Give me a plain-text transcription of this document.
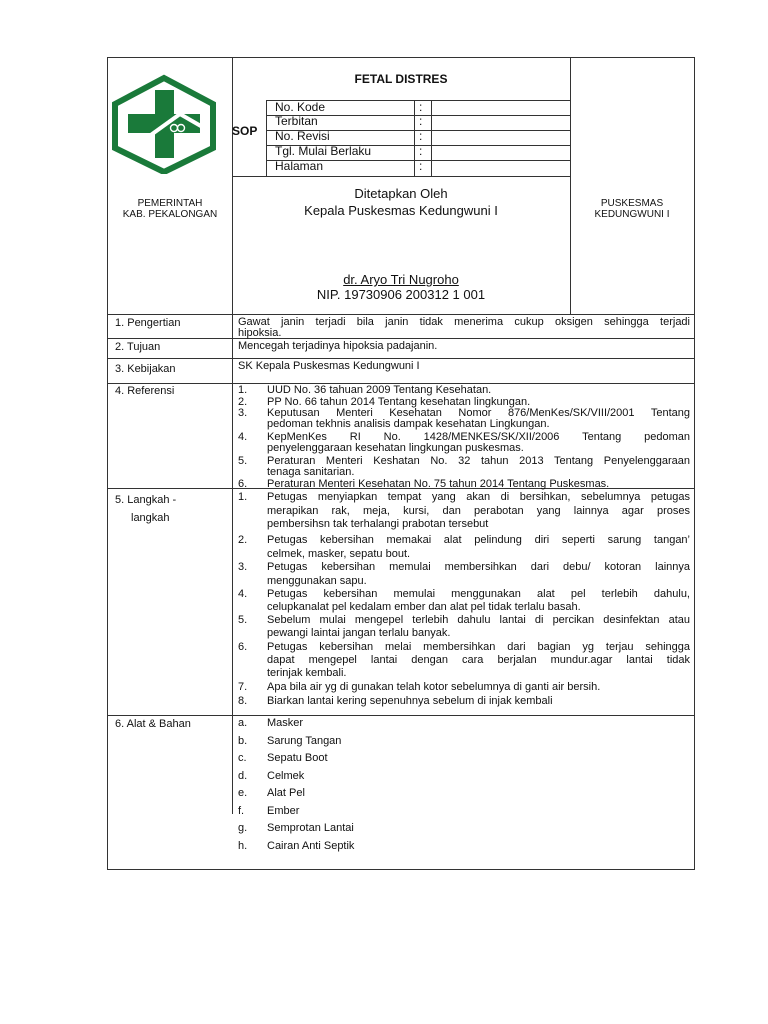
PEMERINTAH
KAB. PEKALONGAN
FETAL DISTRES
SOP
No. Kode	:
Terbitan	:
No. Revisi	:
Tgl. Mulai Berlaku	:
Halaman	:
Ditetapkan Oleh
Kepala Puskesmas Kedungwuni I
dr. Aryo Tri Nugroho
NIP. 19730906 200312 1 001
PUSKESMAS
KEDUNGWUNI I
1. Pengertian	Gawat janin terjadi bila janin tidak menerima cukup oksigen sehingga terjadi
hipoksia.
2. Tujuan	Mencegah terjadinya hipoksia padajanin.
3. Kebijakan	SK Kepala Puskesmas Kedungwuni I
4. Referensi	1. UUD No. 36 tahuan 2009 Tentang Kesehatan.
2. PP No. 66 tahun 2014 Tentang kesehatan lingkungan.
3. Keputusan Menteri Kesehatan Nomor 876/MenKes/SK/VIII/2001 Tentang
pedoman tekhnis analisis dampak kesehatan Lingkungan.
4. KepMenKes RI No. 1428/MENKES/SK/XII/2006 Tentang pedoman
penyelenggaraan kesehatan lingkungan puskesmas.
5. Peraturan Menteri Keshatan No. 32 tahun 2013 Tentang Penyelenggaraan
tenaga sanitarian.
6. Peraturan Menteri Kesehatan No. 75 tahun 2014 Tentang Puskesmas.
5. Langkah -
langkah
1. Petugas menyiapkan tempat yang akan di bersihkan, sebelumnya petugas
merapikan rak, meja, kursi, dan perabotan yang lainnya agar proses
pembersihsn tak terhalangi prabotan tersebut
2. Petugas kebersihan memakai alat pelindung diri seperti sarung tangan’
celmek, masker, sepatu bout.
3. Petugas kebersihan memulai membersihkan dari debu/ kotoran lainnya
menggunakan sapu.
4. Petugas kebersihan memulai menggunakan alat pel terlebih dahulu,
celupkanalat pel kedalam ember dan alat pel tidak terlalu basah.
5. Sebelum mulai mengepel terlebih dahulu lantai di percikan desinfektan atau
pewangi laintai jangan terlalu banyak.
6. Petugas kebersihan melai membersihkan dari bagian yg terjau sehingga
dapat mengepel lantai dengan cara berjalan mundur.agar lantai tidak
terinjak kembali.
7. Apa bila air yg di gunakan telah kotor sebelumnya di ganti air bersih.
8. Biarkan lantai kering sepenuhnya sebelum di injak kembali
6. Alat & Bahan	a. Masker
b. Sarung Tangan
c. Sepatu Boot
d. Celmek
e. Alat Pel
f. Ember
g. Semprotan Lantai
h. Cairan Anti Septik
